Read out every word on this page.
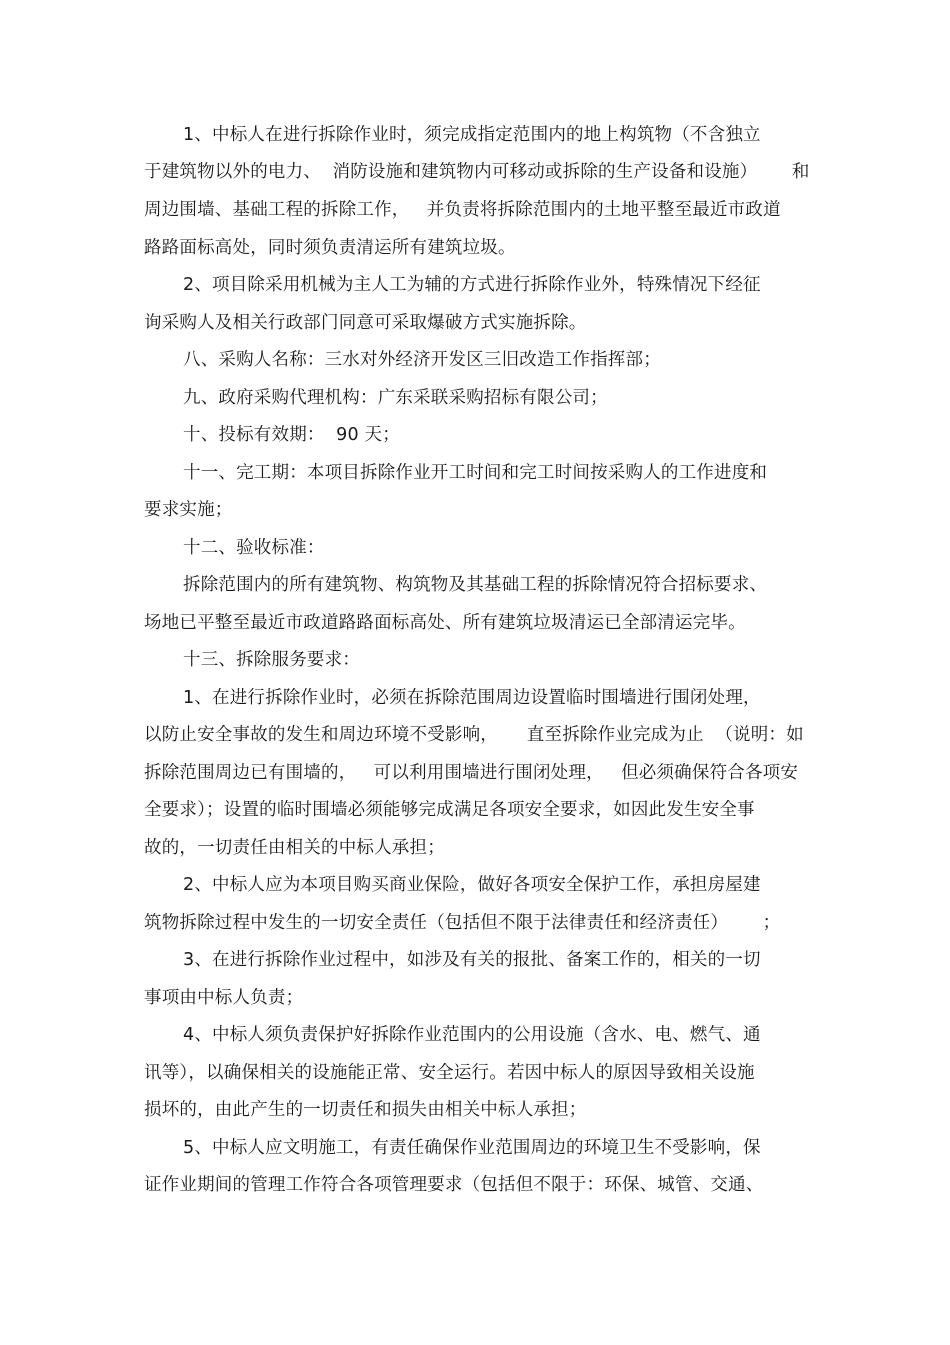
1、中标人在进行拆除作业时，须完成指定范围内的地上构筑物（不含独立
于建筑物以外的电力、  消防设施和建筑物内可移动或拆除的生产设备和设施）      和
周边围墙、基础工程的拆除工作，   并负责将拆除范围内的土地平整至最近市政道
路路面标高处，同时须负责清运所有建筑垃圾。
2、项目除采用机械为主人工为辅的方式进行拆除作业外，特殊情况下经征
询采购人及相关行政部门同意可采取爆破方式实施拆除。
八、采购人名称：三水对外经济开发区三旧改造工作指挥部；
九、政府采购代理机构：广东采联采购招标有限公司；
十、投标有效期：  90 天；
十一、完工期：本项目拆除作业开工时间和完工时间按采购人的工作进度和
要求实施；
十二、验收标准：
拆除范围内的所有建筑物、构筑物及其基础工程的拆除情况符合招标要求、
场地已平整至最近市政道路路面标高处、所有建筑垃圾清运已全部清运完毕。
十三、拆除服务要求：
1、在进行拆除作业时，必须在拆除范围周边设置临时围墙进行围闭处理，
以防止安全事故的发生和周边环境不受影响，     直至拆除作业完成为止  （说明：如
拆除范围周边已有围墙的，   可以利用围墙进行围闭处理，   但必须确保符合各项安
全要求）；设置的临时围墙必须能够完成满足各项安全要求，如因此发生安全事
故的，一切责任由相关的中标人承担；
2、中标人应为本项目购买商业保险，做好各项安全保护工作，承担房屋建
筑物拆除过程中发生的一切安全责任（包括但不限于法律责任和经济责任）      ；
3、在进行拆除作业过程中，如涉及有关的报批、备案工作的，相关的一切
事项由中标人负责；
4、中标人须负责保护好拆除作业范围内的公用设施（含水、电、燃气、通
讯等），以确保相关的设施能正常、安全运行。若因中标人的原因导致相关设施
损坏的，由此产生的一切责任和损失由相关中标人承担；
5、中标人应文明施工，有责任确保作业范围周边的环境卫生不受影响，保
证作业期间的管理工作符合各项管理要求（包括但不限于：环保、城管、交通、
